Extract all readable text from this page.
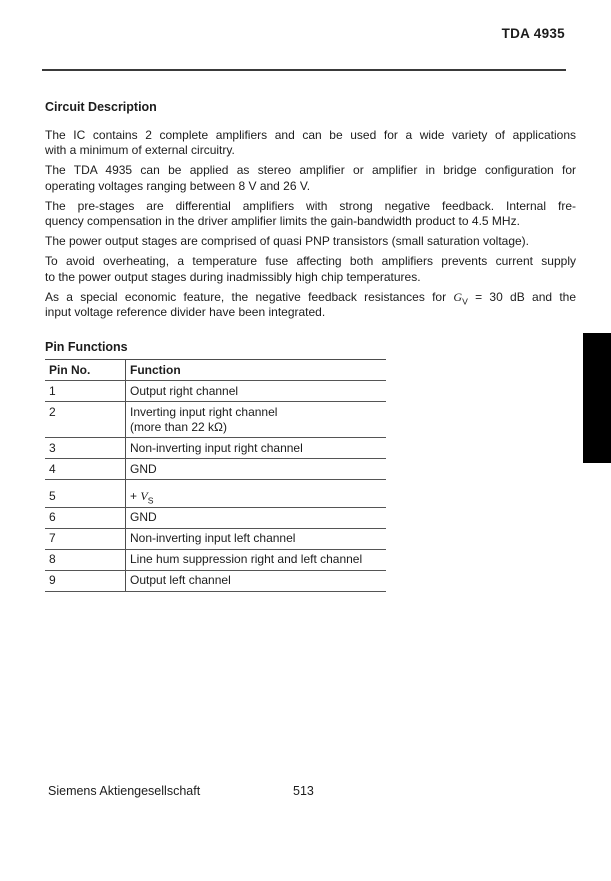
TDA 4935
Circuit Description
The IC contains 2 complete amplifiers and can be used for a wide variety of applications
with a minimum of external circuitry.
The TDA 4935 can be applied as stereo amplifier or amplifier in bridge configuration for
operating voltages ranging between 8 V and 26 V.
The pre-stages are differential amplifiers with strong negative feedback. Internal fre-
quency compensation in the driver amplifier limits the gain-bandwidth product to 4.5 MHz.
The power output stages are comprised of quasi PNP transistors (small saturation voltage).
To avoid overheating, a temperature fuse affecting both amplifiers prevents current supply
to the power output stages during inadmissibly high chip temperatures.
As a special economic feature, the negative feedback resistances for $G_V = 30$ dB and the
input voltage reference divider have been integrated.
Pin Functions
Pin No.	Function
1	Output right channel
2	Inverting input right channel
(more than 22 kΩ)
3	Non-inverting input right channel
4	GND
5	+ $V_S$
6	GND
7	Non-inverting input left channel
8	Line hum suppression right and left channel
9	Output left channel
Siemens Aktiengesellschaft	513
